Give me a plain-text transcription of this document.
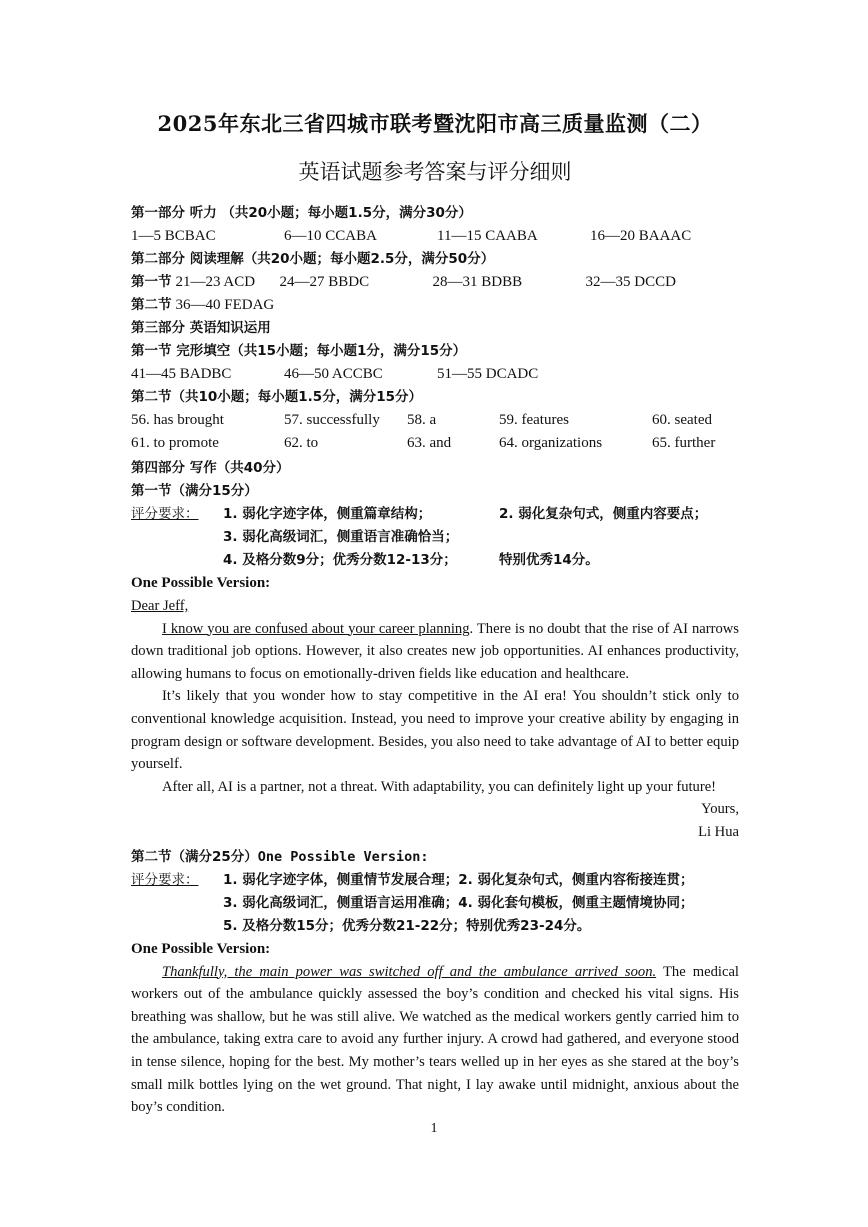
2025年东北三省四城市联考暨沈阳市高三质量监测（二）
英语试题参考答案与评分细则
第一部分 听力 （共20小题；每小题1.5分，满分30分）
1—5 BCBAC	6—10 CCABA	11—15 CAABA	16—20 BAAAC
第二部分 阅读理解（共20小题；每小题2.5分，满分50分）
第一节 21—23 ACD	24—27 BBDC	28—31 BDBB	32—35 DCCD
第二节 36—40 FEDAG
第三部分 英语知识运用
第一节 完形填空（共15小题；每小题1分，满分15分）
41—45 BADBC	46—50 ACCBC	51—55 DCADC
第二节（共10小题；每小题1.5分，满分15分）
56. has brought	57. successfully	58. a	59. features	60. seated
61. to promote	62. to	63. and	64. organizations	65. further
第四部分 写作（共40分）
第一节（满分15分）
评分要求：	1. 弱化字迹字体，侧重篇章结构；	2. 弱化复杂句式，侧重内容要点；
3. 弱化高级词汇，侧重语言准确恰当；
4. 及格分数9分；优秀分数12-13分；	特别优秀14分。
One Possible Version:
Dear Jeff,

I know you are confused about your career planning. There is no doubt that the rise of AI narrows down traditional job options. However, it also creates new job opportunities. AI enhances productivity, allowing humans to focus on emotionally-driven fields like education and healthcare.

It’s likely that you wonder how to stay competitive in the AI era! You shouldn’t stick only to conventional knowledge acquisition. Instead, you need to improve your creative ability by engaging in program design or software development. Besides, you also need to take advantage of AI to better equip yourself.

After all, AI is a partner, not a threat. With adaptability, you can definitely light up your future!

Yours,
Li Hua
第二节（满分25分） One Possible Version:
评分要求：	1. 弱化字迹字体，侧重情节发展合理；2. 弱化复杂句式，侧重内容衔接连贯；
3. 弱化高级词汇，侧重语言运用准确；4. 弱化套句模板，侧重主题情境协同；
5. 及格分数15分；优秀分数21-22分；特别优秀23-24分。
One Possible Version:

Thankfully, the main power was switched off and the ambulance arrived soon. The medical workers out of the ambulance quickly assessed the boy’s condition and checked his vital signs. His breathing was shallow, but he was still alive. We watched as the medical workers gently carried him to the ambulance, taking extra care to avoid any further injury. A crowd had gathered, and everyone stood in tense silence, hoping for the best. My mother’s tears welled up in her eyes as she stared at the boy’s small milk bottles lying on the wet ground. That night, I lay awake until midnight, anxious about the boy’s condition.

1
